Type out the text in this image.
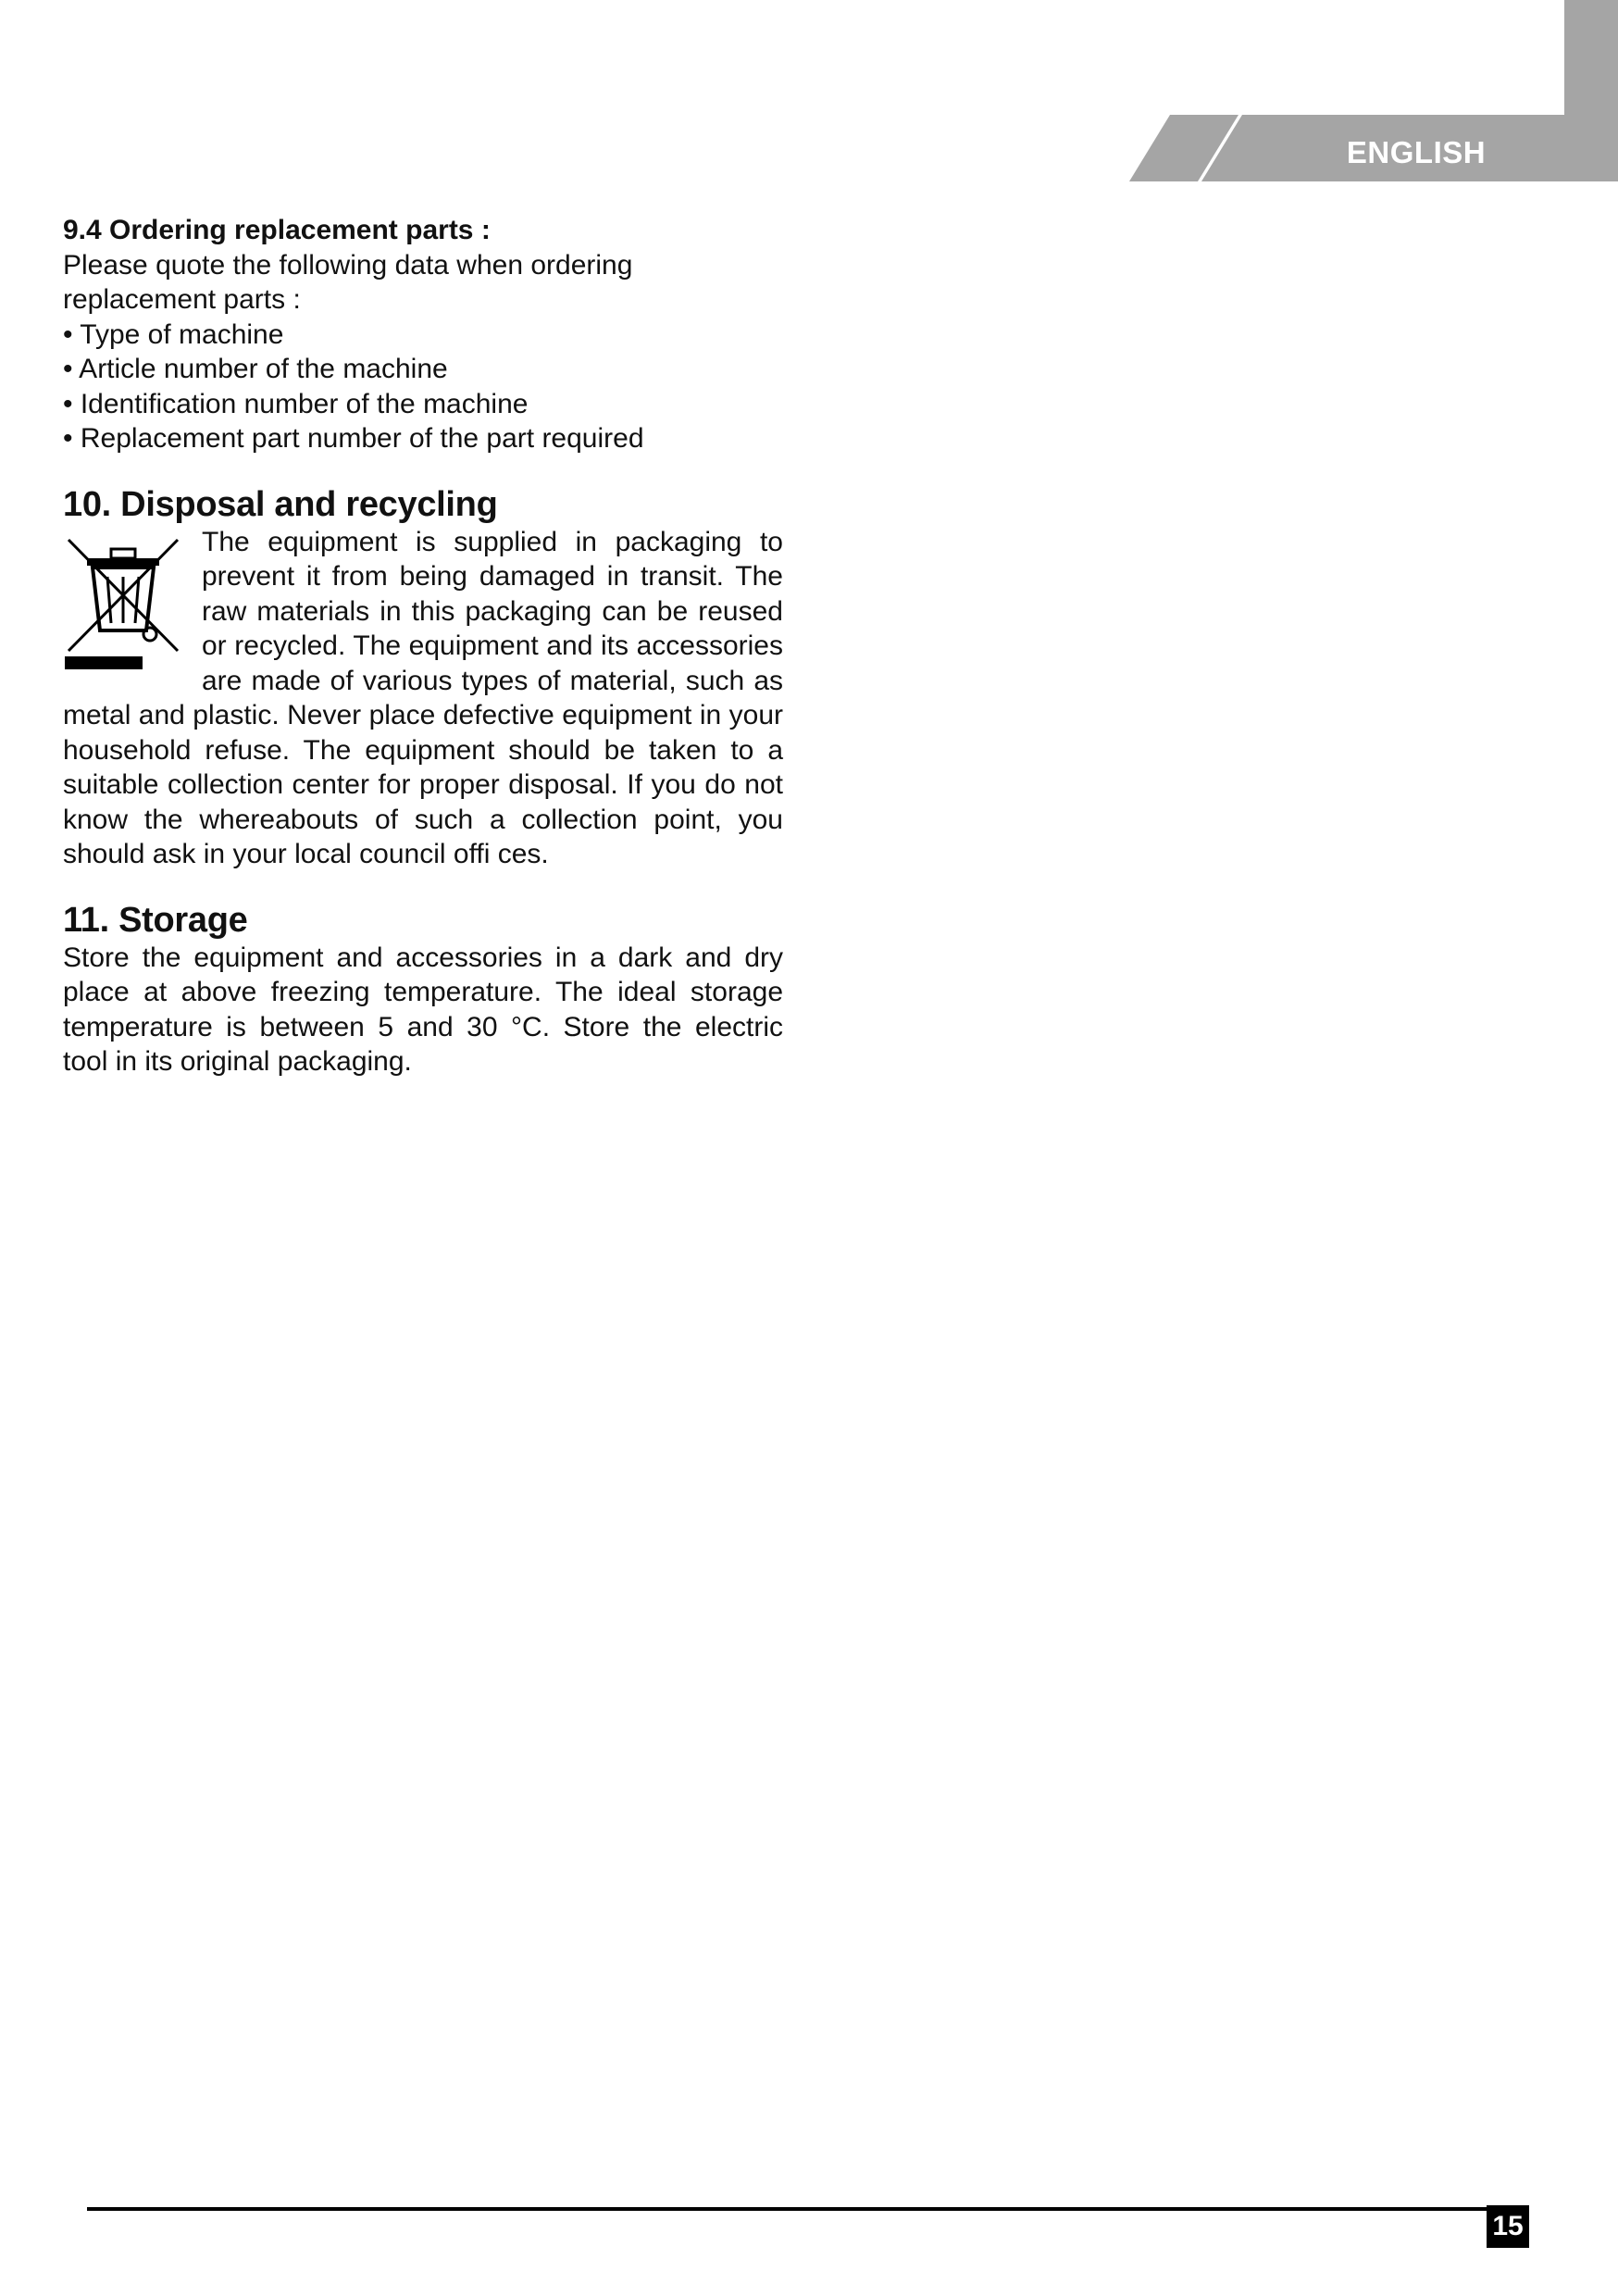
ENGLISH

9.4 Ordering replacement parts :

Please quote the following data when ordering replacement parts :

• Type of machine
• Article number of the machine
• Identification number of the machine
• Replacement part number of the part required
10. Disposal and recycling

The equipment is supplied in packaging to prevent it from being damaged in transit. The raw materials in this packaging can be reused or recycled. The equipment and its accessories are made of various types of material, such as metal and plastic. Never place defective equipment in your household refuse. The equipment should be taken to a suitable collection center for proper disposal. If you do not know the whereabouts of such a collection point, you should ask in your local council offi ces.

11. Storage

Store the equipment and accessories in a dark and dry place at above freezing temperature. The ideal storage temperature is between 5 and 30 °C. Store the electric tool in its original packaging.

15
